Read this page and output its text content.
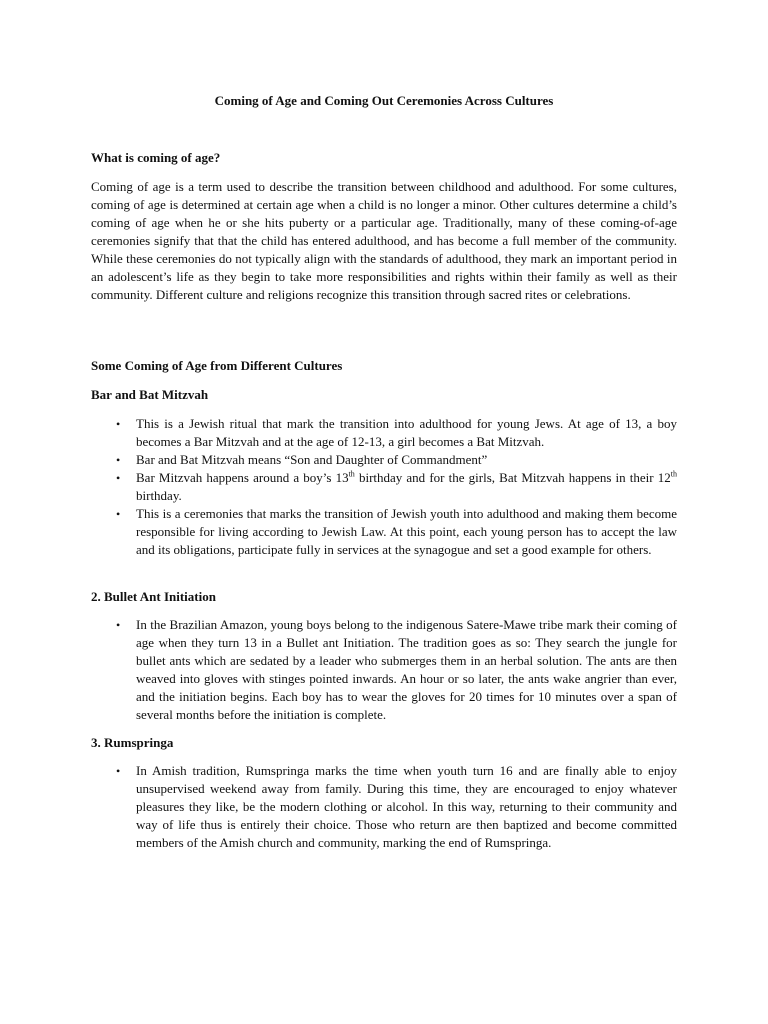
Coming of Age and Coming Out Ceremonies Across Cultures
What is coming of age?

Coming of age is a term used to describe the transition between childhood and adulthood. For some cultures, coming of age is determined at certain age when a child is no longer a minor. Other cultures determine a child’s coming of age when he or she hits puberty or a particular age. Traditionally, many of these coming-of-age ceremonies signify that that the child has entered adulthood, and has become a full member of the community. While these ceremonies do not typically align with the standards of adulthood, they mark an important period in an adolescent’s life as they begin to take more responsibilities and rights within their family as well as their community. Different culture and religions recognize this transition through sacred rites or celebrations.

Some Coming of Age from Different Cultures
Bar and Bat Mitzvah
• This is a Jewish ritual that mark the transition into adulthood for young Jews. At age of 13, a boy becomes a Bar Mitzvah and at the age of 12-13, a girl becomes a Bat Mitzvah.
• Bar and Bat Mitzvah means “Son and Daughter of Commandment”
• Bar Mitzvah happens around a boy’s 13th birthday and for the girls, Bat Mitzvah happens in their 12th birthday.
• This is a ceremonies that marks the transition of Jewish youth into adulthood and making them become responsible for living according to Jewish Law. At this point, each young person has to accept the law and its obligations, participate fully in services at the synagogue and set a good example for others.
2. Bullet Ant Initiation
• In the Brazilian Amazon, young boys belong to the indigenous Satere-Mawe tribe mark their coming of age when they turn 13 in a Bullet ant Initiation. The tradition goes as so: They search the jungle for bullet ants which are sedated by a leader who submerges them in an herbal solution. The ants are then weaved into gloves with stinges pointed inwards. An hour or so later, the ants wake angrier than ever, and the initiation begins. Each boy has to wear the gloves for 20 times for 10 minutes over a span of several months before the initiation is complete.
3. Rumspringa
• In Amish tradition, Rumspringa marks the time when youth turn 16 and are finally able to enjoy unsupervised weekend away from family. During this time, they are encouraged to enjoy whatever pleasures they like, be the modern clothing or alcohol. In this way, returning to their community and way of life thus is entirely their choice. Those who return are then baptized and become committed members of the Amish church and community, marking the end of Rumspringa.
